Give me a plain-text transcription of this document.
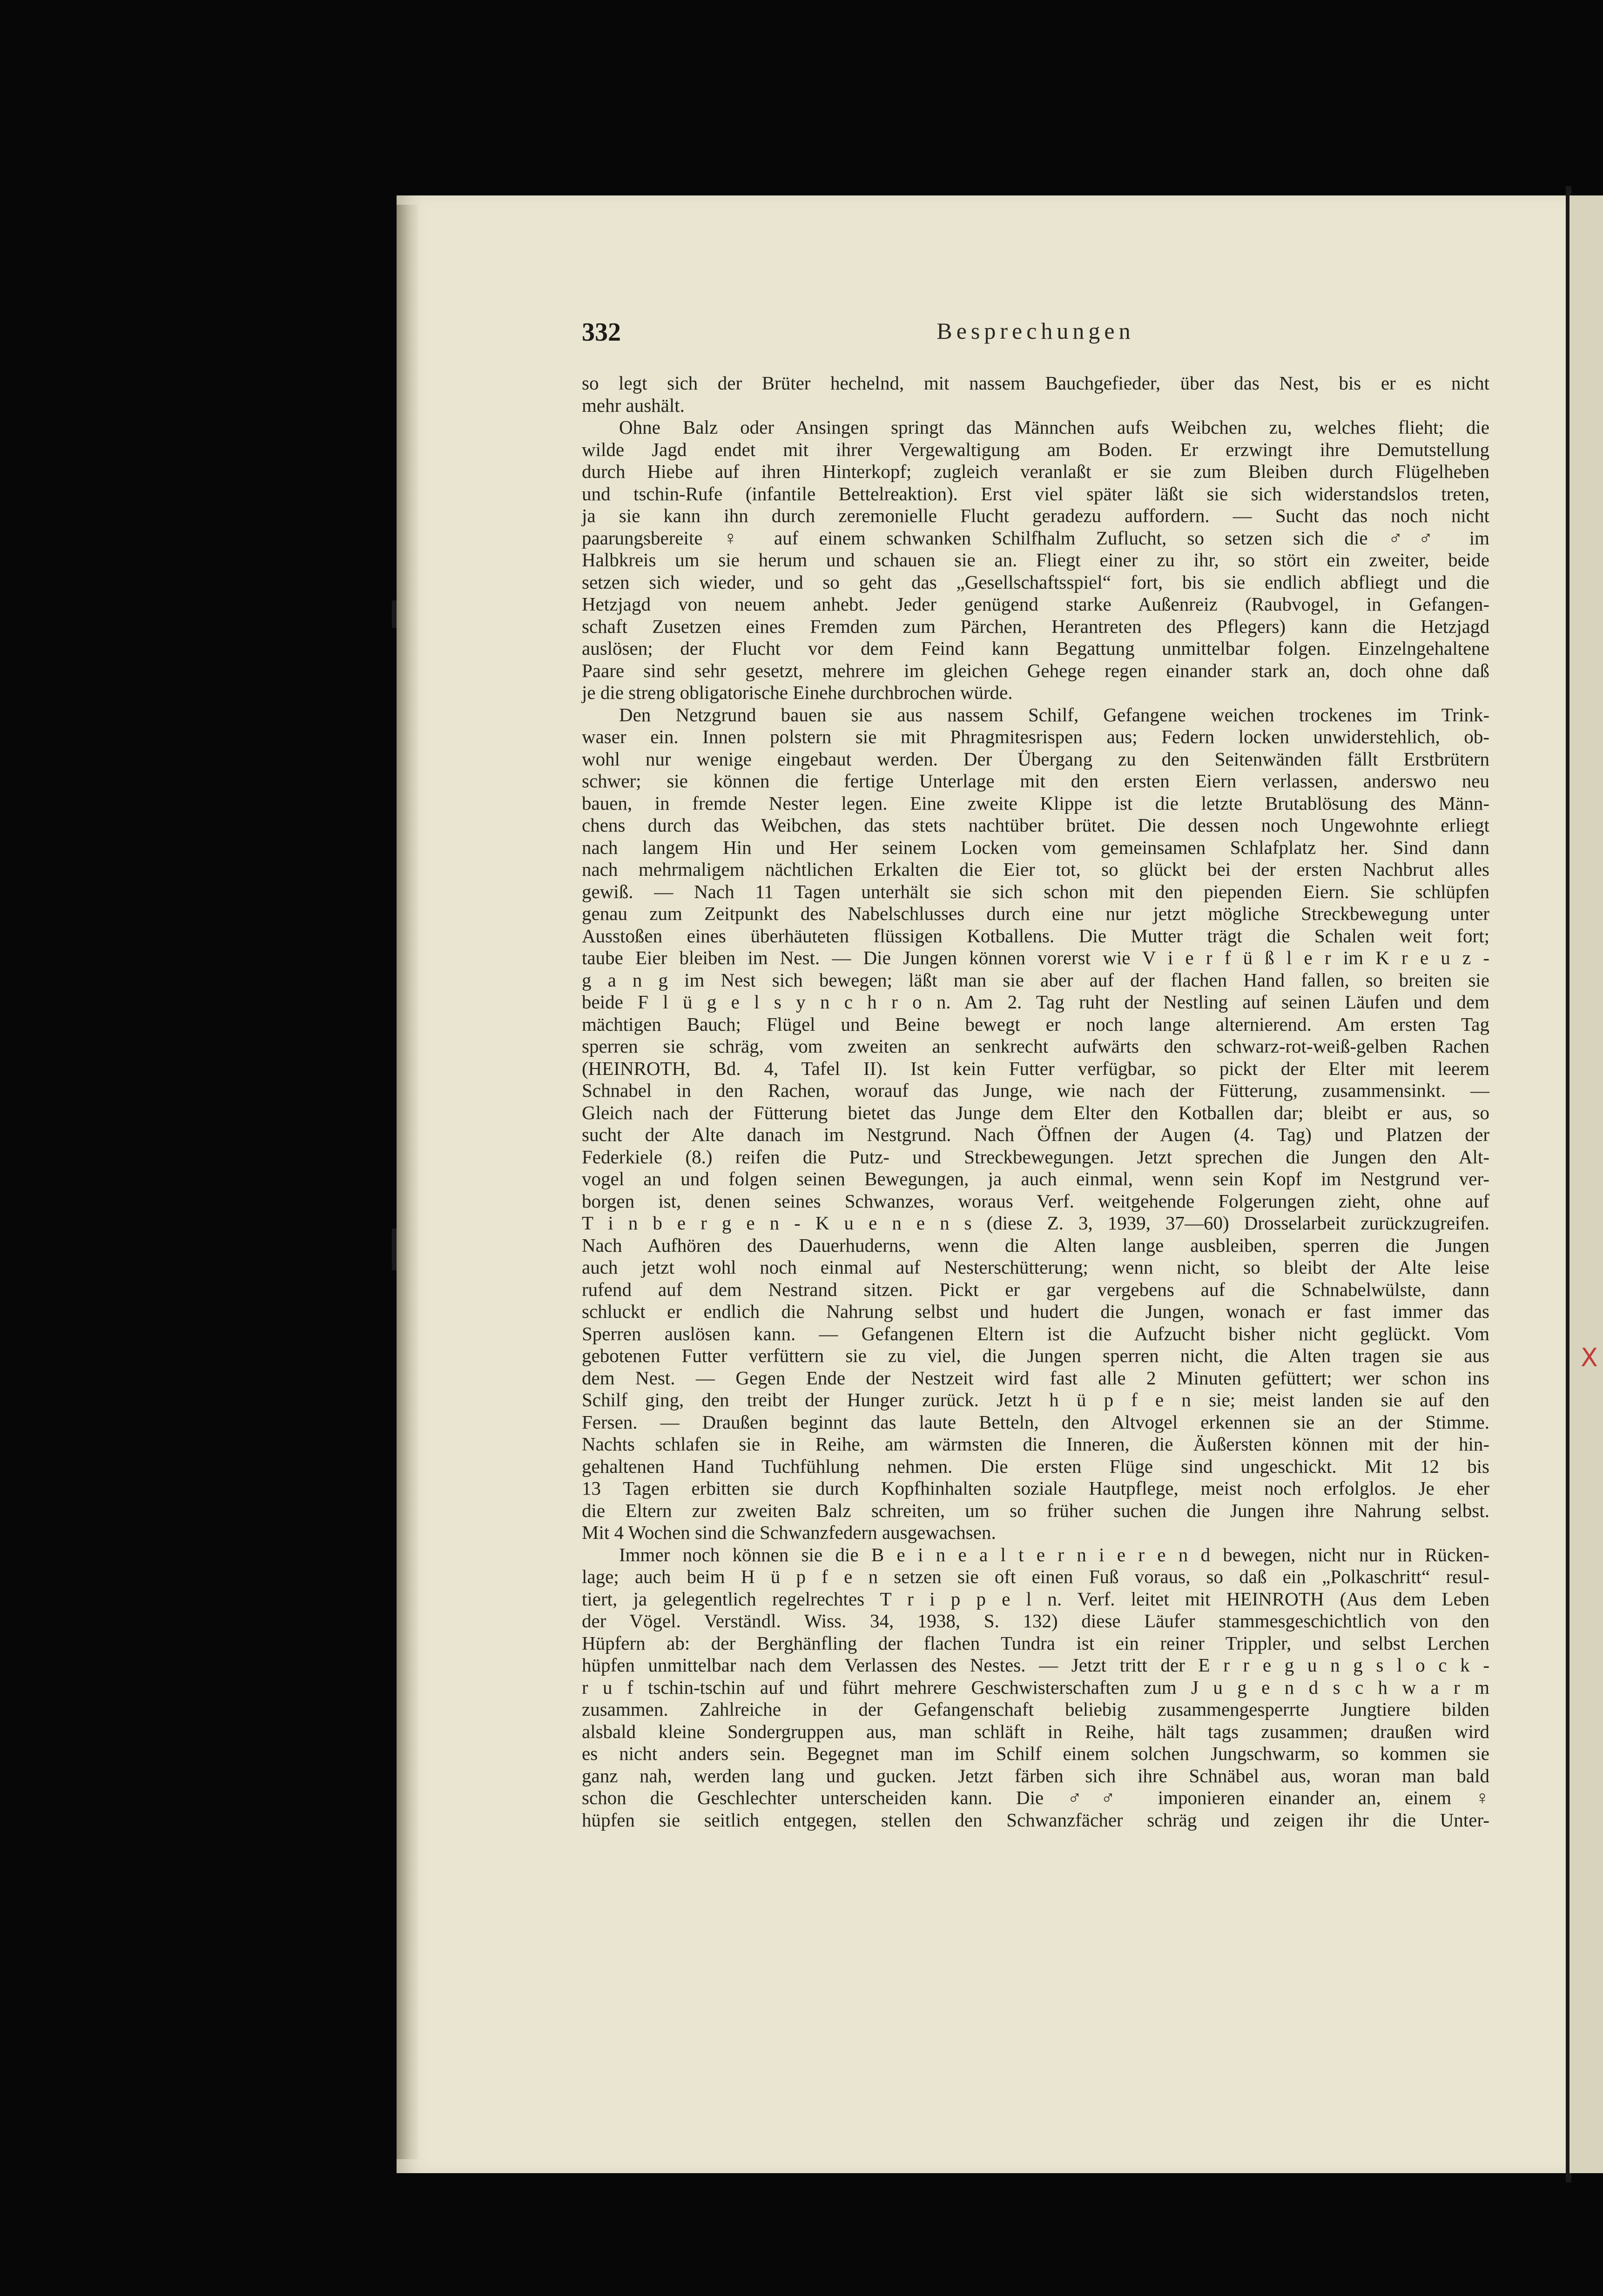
332	Besprechungen
so legt sich der Brüter hechelnd, mit nassem Bauchgefieder, über das Nest, bis er es nicht
mehr aushält.
Ohne Balz oder Ansingen springt das Männchen aufs Weibchen zu, welches flieht; die
wilde Jagd endet mit ihrer Vergewaltigung am Boden. Er erzwingt ihre Demutstellung
durch Hiebe auf ihren Hinterkopf; zugleich veranlaßt er sie zum Bleiben durch Flügelheben
und tschin-Rufe (infantile Bettelreaktion). Erst viel später läßt sie sich widerstandslos treten,
ja sie kann ihn durch zeremonielle Flucht geradezu auffordern. — Sucht das noch nicht
paarungsbereite ♀ auf einem schwanken Schilfhalm Zuflucht, so setzen sich die ♂♂ im
Halbkreis um sie herum und schauen sie an. Fliegt einer zu ihr, so stört ein zweiter, beide
setzen sich wieder, und so geht das „Gesellschaftsspiel“ fort, bis sie endlich abfliegt und die
Hetzjagd von neuem anhebt. Jeder genügend starke Außenreiz (Raubvogel, in Gefangen-
schaft Zusetzen eines Fremden zum Pärchen, Herantreten des Pflegers) kann die Hetzjagd
auslösen; der Flucht vor dem Feind kann Begattung unmittelbar folgen. Einzelngehaltene
Paare sind sehr gesetzt, mehrere im gleichen Gehege regen einander stark an, doch ohne daß
je die streng obligatorische Einehe durchbrochen würde.
Den Netzgrund bauen sie aus nassem Schilf, Gefangene weichen trockenes im Trink-
waser ein. Innen polstern sie mit Phragmitesrispen aus; Federn locken unwiderstehlich, ob-
wohl nur wenige eingebaut werden. Der Übergang zu den Seitenwänden fällt Erstbrütern
schwer; sie können die fertige Unterlage mit den ersten Eiern verlassen, anderswo neu
bauen, in fremde Nester legen. Eine zweite Klippe ist die letzte Brutablösung des Männ-
chens durch das Weibchen, das stets nachtüber brütet. Die dessen noch Ungewohnte erliegt
nach langem Hin und Her seinem Locken vom gemeinsamen Schlafplatz her. Sind dann
nach mehrmaligem nächtlichen Erkalten die Eier tot, so glückt bei der ersten Nachbrut alles
gewiß. — Nach 11 Tagen unterhält sie sich schon mit den piependen Eiern. Sie schlüpfen
genau zum Zeitpunkt des Nabelschlusses durch eine nur jetzt mögliche Streckbewegung unter
Ausstoßen eines überhäuteten flüssigen Kotballens. Die Mutter trägt die Schalen weit fort;
taube Eier bleiben im Nest. — Die Jungen können vorerst wie V i e r f ü ß l e r im K r e u z -
g a n g im Nest sich bewegen; läßt man sie aber auf der flachen Hand fallen, so breiten sie
beide F l ü g e l s y n c h r o n. Am 2. Tag ruht der Nestling auf seinen Läufen und dem
mächtigen Bauch; Flügel und Beine bewegt er noch lange alternierend. Am ersten Tag
sperren sie schräg, vom zweiten an senkrecht aufwärts den schwarz-rot-weiß-gelben Rachen
(HEINROTH, Bd. 4, Tafel II). Ist kein Futter verfügbar, so pickt der Elter mit leerem
Schnabel in den Rachen, worauf das Junge, wie nach der Fütterung, zusammensinkt. —
Gleich nach der Fütterung bietet das Junge dem Elter den Kotballen dar; bleibt er aus, so
sucht der Alte danach im Nestgrund. Nach Öffnen der Augen (4. Tag) und Platzen der
Federkiele (8.) reifen die Putz- und Streckbewegungen. Jetzt sprechen die Jungen den Alt-
vogel an und folgen seinen Bewegungen, ja auch einmal, wenn sein Kopf im Nestgrund ver-
borgen ist, denen seines Schwanzes, woraus Verf. weitgehende Folgerungen zieht, ohne auf
T i n b e r g e n - K u e n e n s (diese Z. 3, 1939, 37—60) Drosselarbeit zurückzugreifen.
Nach Aufhören des Dauerhuderns, wenn die Alten lange ausbleiben, sperren die Jungen
auch jetzt wohl noch einmal auf Nesterschütterung; wenn nicht, so bleibt der Alte leise
rufend auf dem Nestrand sitzen. Pickt er gar vergebens auf die Schnabelwülste, dann
schluckt er endlich die Nahrung selbst und hudert die Jungen, wonach er fast immer das
Sperren auslösen kann. — Gefangenen Eltern ist die Aufzucht bisher nicht geglückt. Vom
gebotenen Futter verfüttern sie zu viel, die Jungen sperren nicht, die Alten tragen sie aus
dem Nest. — Gegen Ende der Nestzeit wird fast alle 2 Minuten gefüttert; wer schon ins
Schilf ging, den treibt der Hunger zurück. Jetzt h ü p f e n sie; meist landen sie auf den
Fersen. — Draußen beginnt das laute Betteln, den Altvogel erkennen sie an der Stimme.
Nachts schlafen sie in Reihe, am wärmsten die Inneren, die Äußersten können mit der hin-
gehaltenen Hand Tuchfühlung nehmen. Die ersten Flüge sind ungeschickt. Mit 12 bis
13 Tagen erbitten sie durch Kopfhinhalten soziale Hautpflege, meist noch erfolglos. Je eher
die Eltern zur zweiten Balz schreiten, um so früher suchen die Jungen ihre Nahrung selbst.
Mit 4 Wochen sind die Schwanzfedern ausgewachsen.
Immer noch können sie die B e i n e a l t e r n i e r e n d bewegen, nicht nur in Rücken-
lage; auch beim H ü p f e n setzen sie oft einen Fuß voraus, so daß ein „Polkaschritt“ resul-
tiert, ja gelegentlich regelrechtes T r i p p e l n. Verf. leitet mit HEINROTH (Aus dem Leben
der Vögel. Verständl. Wiss. 34, 1938, S. 132) diese Läufer stammesgeschichtlich von den
Hüpfern ab: der Berghänfling der flachen Tundra ist ein reiner Trippler, und selbst Lerchen
hüpfen unmittelbar nach dem Verlassen des Nestes. — Jetzt tritt der E r r e g u n g s l o c k -
r u f tschin-tschin auf und führt mehrere Geschwisterschaften zum J u g e n d s c h w a r m
zusammen. Zahlreiche in der Gefangenschaft beliebig zusammengesperrte Jungtiere bilden
alsbald kleine Sondergruppen aus, man schläft in Reihe, hält tags zusammen; draußen wird
es nicht anders sein. Begegnet man im Schilf einem solchen Jungschwarm, so kommen sie
ganz nah, werden lang und gucken. Jetzt färben sich ihre Schnäbel aus, woran man bald
schon die Geschlechter unterscheiden kann. Die ♂♂ imponieren einander an, einem ♀
hüpfen sie seitlich entgegen, stellen den Schwanzfächer schräg und zeigen ihr die Unter-
X
